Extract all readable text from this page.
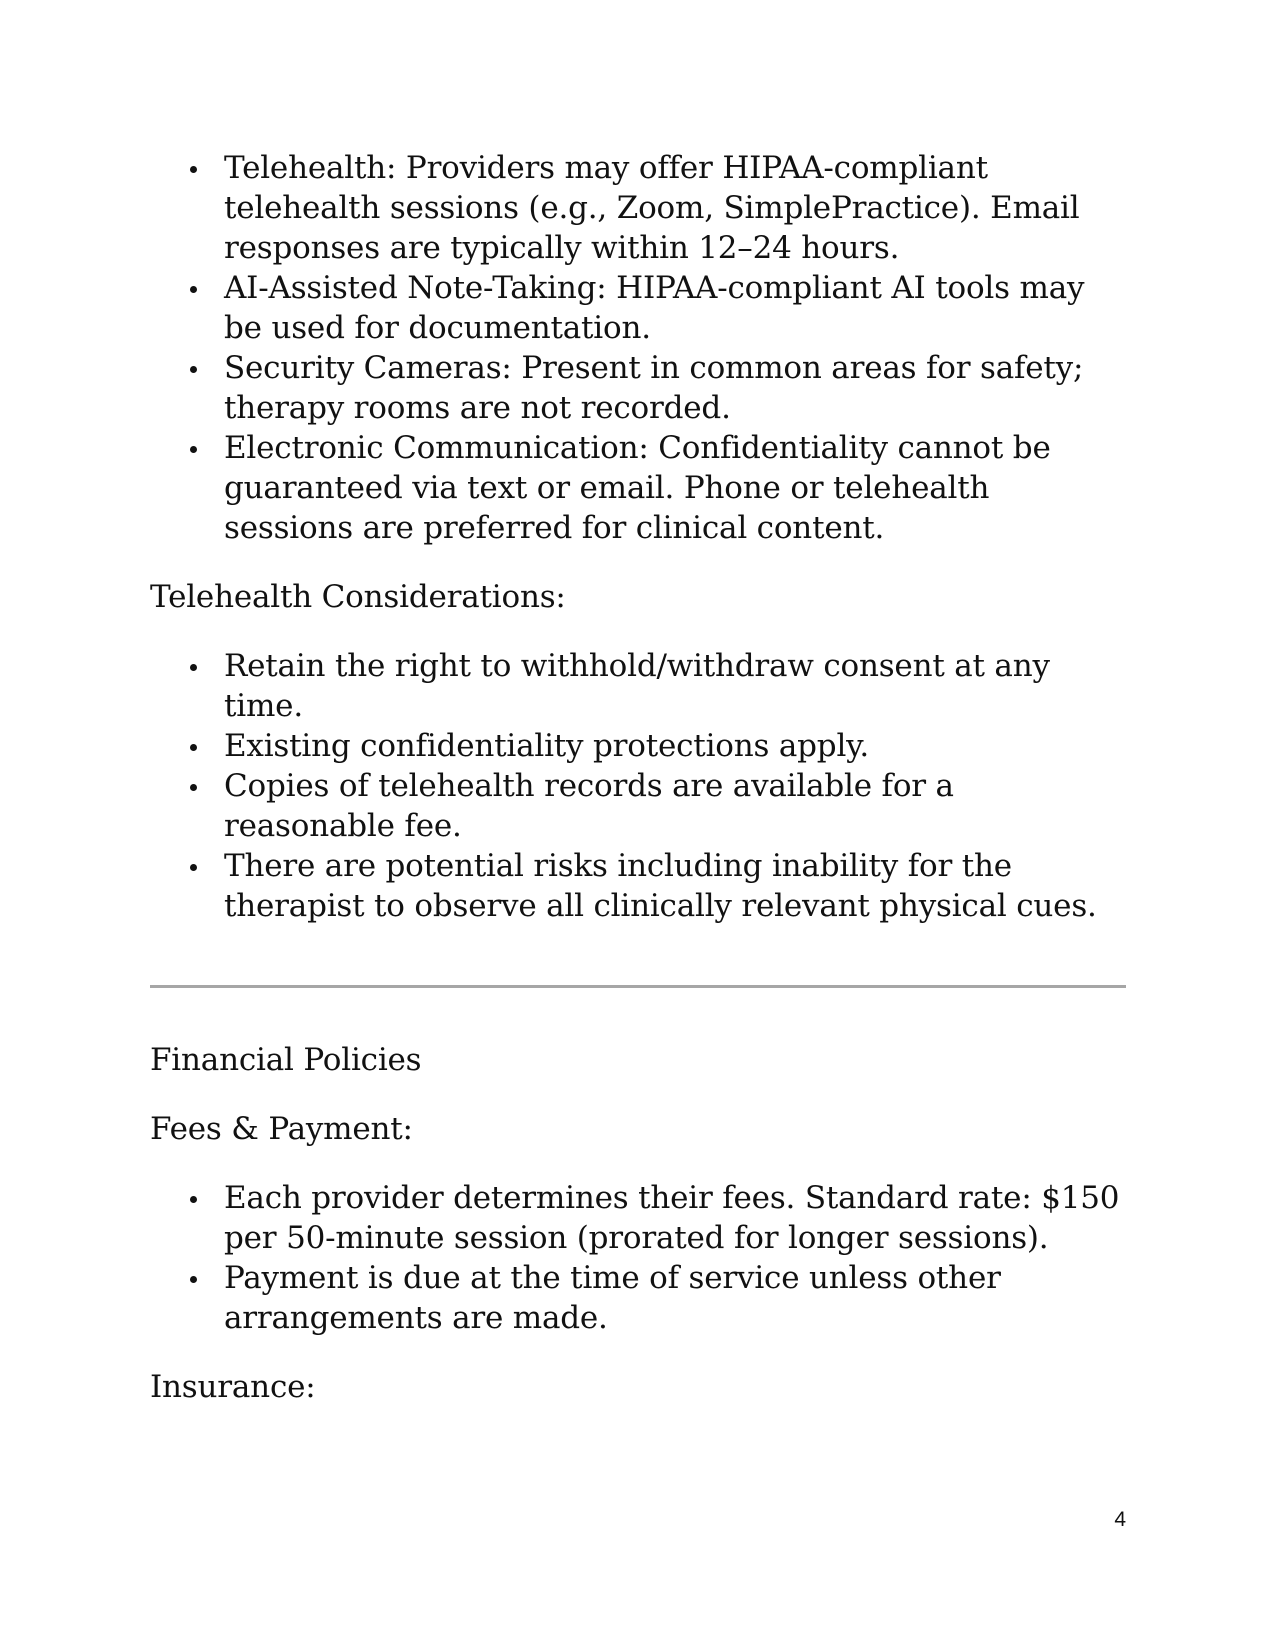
Telehealth: Providers may offer HIPAA-compliant telehealth sessions (e.g., Zoom, SimplePractice). Email responses are typically within 12–24 hours.
AI-Assisted Note-Taking: HIPAA-compliant AI tools may be used for documentation.
Security Cameras: Present in common areas for safety; therapy rooms are not recorded.
Electronic Communication: Confidentiality cannot be guaranteed via text or email. Phone or telehealth sessions are preferred for clinical content.

Telehealth Considerations:

Retain the right to withhold/withdraw consent at any time.
Existing confidentiality protections apply.
Copies of telehealth records are available for a reasonable fee.
There are potential risks including inability for the therapist to observe all clinically relevant physical cues.

Financial Policies

Fees & Payment:

Each provider determines their fees. Standard rate: $150 per 50-minute session (prorated for longer sessions).
Payment is due at the time of service unless other arrangements are made.

Insurance:

4
